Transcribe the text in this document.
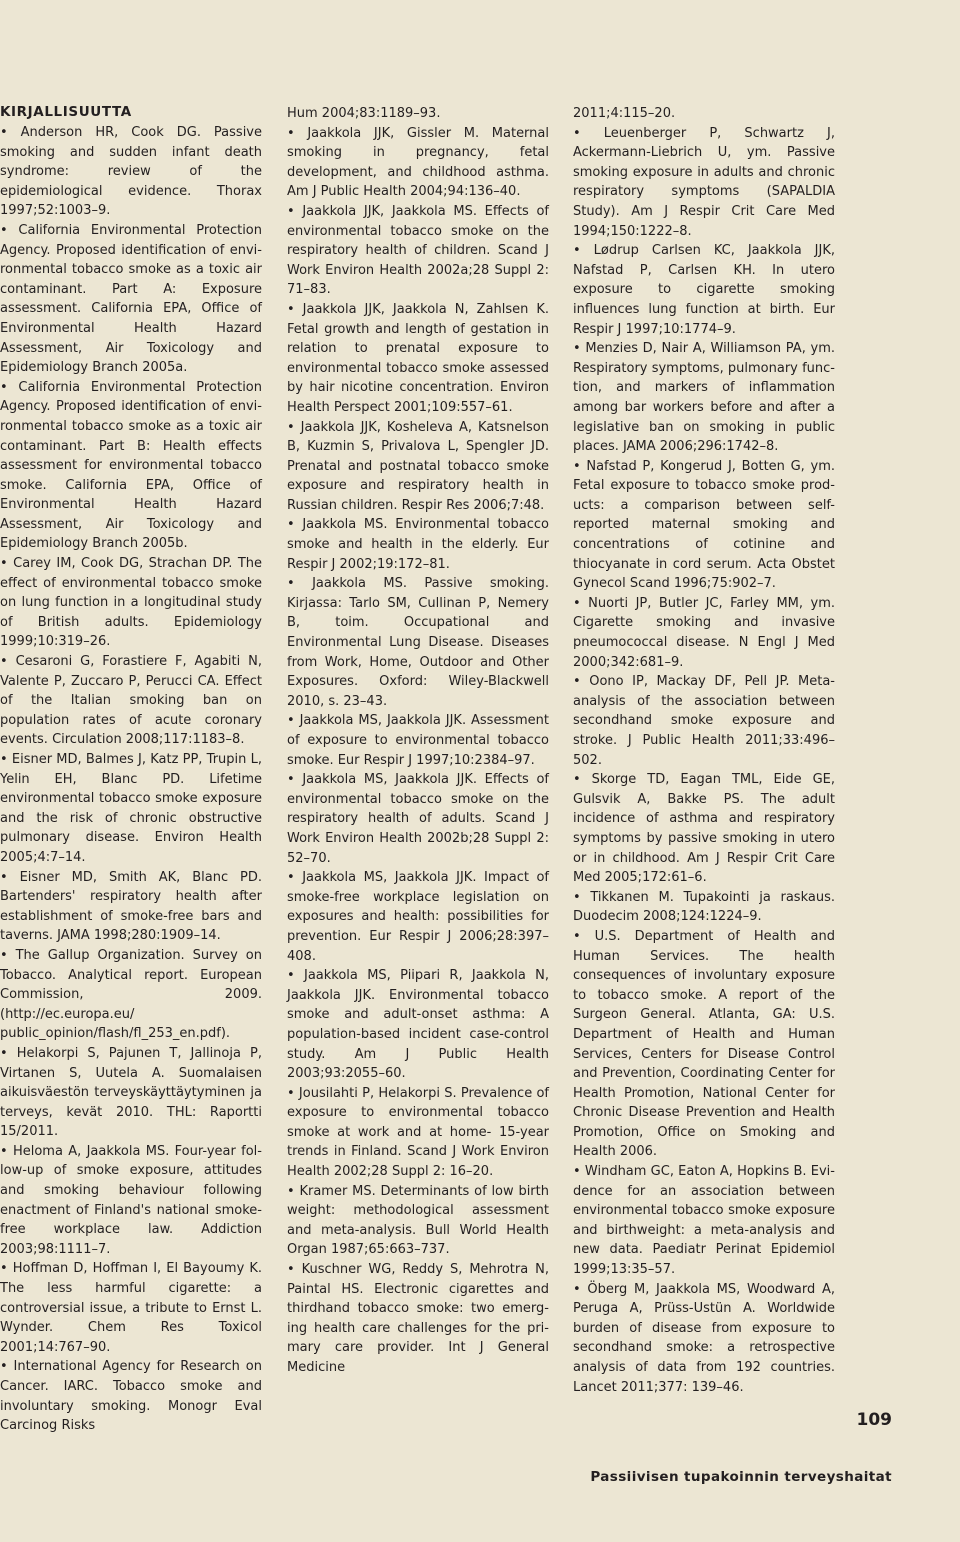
KIRJALLISUUTTA

• Anderson HR, Cook DG. Passive smoking and sudden infant death syndrome: review of the epidemiological evidence. Thorax 1997;52:1003–9.

• California Environmental Protection Agency. Proposed identification of environmental tobacco smoke as a toxic air contaminant. Part A: Exposure assessment. California EPA, Office of Environmental Health Hazard Assessment, Air Toxicology and Epidemiology Branch 2005a.

• California Environmental Protection Agency. Proposed identification of environmental tobacco smoke as a toxic air contaminant. Part B: Health effects assessment for environmental tobacco smoke. California EPA, Office of Environmental Health Hazard Assessment, Air Toxicology and Epidemiology Branch 2005b.

• Carey IM, Cook DG, Strachan DP. The effect of environmental tobacco smoke on lung function in a longitudinal study of British adults. Epidemiology 1999;10:319–26.

• Cesaroni G, Forastiere F, Agabiti N, Valente P, Zuccaro P, Perucci CA. Effect of the Italian smoking ban on population rates of acute coronary events. Circulation 2008;117:1183–8.

• Eisner MD, Balmes J, Katz PP, Trupin L, Yelin EH, Blanc PD. Lifetime environmental tobacco smoke exposure and the risk of chronic obstructive pulmonary disease. Environ Health 2005;4:7–14.

• Eisner MD, Smith AK, Blanc PD. Bartenders' respiratory health after establishment of smoke-free bars and taverns. JAMA 1998;280:1909–14.

• The Gallup Organization. Survey on Tobacco. Analytical report. European Commission, 2009. (http://ec.europa.eu/ public_opinion/flash/fl_253_en.pdf).

• Helakorpi S, Pajunen T, Jallinoja P, Virtanen S, Uutela A. Suomalaisen aikuisväestön terveyskäyttäytyminen ja terveys, kevät 2010. THL: Raportti 15/2011.

• Heloma A, Jaakkola MS. Four-year follow-up of smoke exposure, attitudes and smoking behaviour following enactment of Finland's national smoke-free workplace law. Addiction 2003;98:1111–7.

• Hoffman D, Hoffman I, El Bayoumy K. The less harmful cigarette: a controversial issue, a tribute to Ernst L. Wynder. Chem Res Toxicol 2001;14:767–90.

• International Agency for Research on Cancer. IARC. Tobacco smoke and involuntary smoking. Monogr Eval Carcinog Risks

Hum 2004;83:1189–93.

• Jaakkola JJK, Gissler M. Maternal smoking in pregnancy, fetal development, and childhood asthma. Am J Public Health 2004;94:136–40.

• Jaakkola JJK, Jaakkola MS. Effects of environmental tobacco smoke on the respiratory health of children. Scand J Work Environ Health 2002a;28 Suppl 2: 71–83.

• Jaakkola JJK, Jaakkola N, Zahlsen K. Fetal growth and length of gestation in relation to prenatal exposure to environmental tobacco smoke assessed by hair nicotine concentration. Environ Health Perspect 2001;109:557–61.

• Jaakkola JJK, Kosheleva A, Katsnelson B, Kuzmin S, Privalova L, Spengler JD. Prenatal and postnatal tobacco smoke exposure and respiratory health in Russian children. Respir Res 2006;7:48.

• Jaakkola MS. Environmental tobacco smoke and health in the elderly. Eur Respir J 2002;19:172–81.

• Jaakkola MS. Passive smoking. Kirjassa: Tarlo SM, Cullinan P, Nemery B, toim. Occupational and Environmental Lung Disease. Diseases from Work, Home, Outdoor and Other Exposures. Oxford: Wiley-Blackwell 2010, s. 23–43.

• Jaakkola MS, Jaakkola JJK. Assessment of exposure to environmental tobacco smoke. Eur Respir J 1997;10:2384–97.

• Jaakkola MS, Jaakkola JJK. Effects of environmental tobacco smoke on the respiratory health of adults. Scand J Work Environ Health 2002b;28 Suppl 2: 52–70.

• Jaakkola MS, Jaakkola JJK. Impact of smoke-free workplace legislation on exposures and health: possibilities for prevention. Eur Respir J 2006;28:397–408.

• Jaakkola MS, Piipari R, Jaakkola N, Jaakkola JJK. Environmental tobacco smoke and adult-onset asthma: A population-based incident case-control study. Am J Public Health 2003;93:2055–60.

• Jousilahti P, Helakorpi S. Prevalence of exposure to environmental tobacco smoke at work and at home- 15-year trends in Finland. Scand J Work Environ Health 2002;28 Suppl 2: 16–20.

• Kramer MS. Determinants of low birth weight: methodological assessment and meta-analysis. Bull World Health Organ 1987;65:663–737.

• Kuschner WG, Reddy S, Mehrotra N, Paintal HS. Electronic cigarettes and thirdhand tobacco smoke: two emerging health care challenges for the primary care provider. Int J General Medicine

2011;4:115–20.

• Leuenberger P, Schwartz J, Ackermann-Liebrich U, ym. Passive smoking exposure in adults and chronic respiratory symptoms (SAPALDIA Study). Am J Respir Crit Care Med 1994;150:1222–8.

• Lødrup Carlsen KC, Jaakkola JJK, Nafstad P, Carlsen KH. In utero exposure to cigarette smoking influences lung function at birth. Eur Respir J 1997;10:1774–9.

• Menzies D, Nair A, Williamson PA, ym. Respiratory symptoms, pulmonary function, and markers of inflammation among bar workers before and after a legislative ban on smoking in public places. JAMA 2006;296:1742–8.

• Nafstad P, Kongerud J, Botten G, ym. Fetal exposure to tobacco smoke products: a comparison between self-reported maternal smoking and concentrations of cotinine and thiocyanate in cord serum. Acta Obstet Gynecol Scand 1996;75:902–7.

• Nuorti JP, Butler JC, Farley MM, ym. Cigarette smoking and invasive pneumococcal disease. N Engl J Med 2000;342:681–9.

• Oono IP, Mackay DF, Pell JP. Meta-analysis of the association between secondhand smoke exposure and stroke. J Public Health 2011;33:496–502.

• Skorge TD, Eagan TML, Eide GE, Gulsvik A, Bakke PS. The adult incidence of asthma and respiratory symptoms by passive smoking in utero or in childhood. Am J Respir Crit Care Med 2005;172:61–6.

• Tikkanen M. Tupakointi ja raskaus. Duodecim 2008;124:1224–9.

• U.S. Department of Health and Human Services. The health consequences of involuntary exposure to tobacco smoke. A report of the Surgeon General. Atlanta, GA: U.S. Department of Health and Human Services, Centers for Disease Control and Prevention, Coordinating Center for Health Promotion, National Center for Chronic Disease Prevention and Health Promotion, Office on Smoking and Health 2006.

• Windham GC, Eaton A, Hopkins B. Evidence for an association between environmental tobacco smoke exposure and birthweight: a meta-analysis and new data. Paediatr Perinat Epidemiol 1999;13:35–57.

• Öberg M, Jaakkola MS, Woodward A, Peruga A, Prüss-Ustün A. Worldwide burden of disease from exposure to secondhand smoke: a retrospective analysis of data from 192 countries. Lancet 2011;377: 139–46.

109

Passiivisen tupakoinnin terveyshaitat
